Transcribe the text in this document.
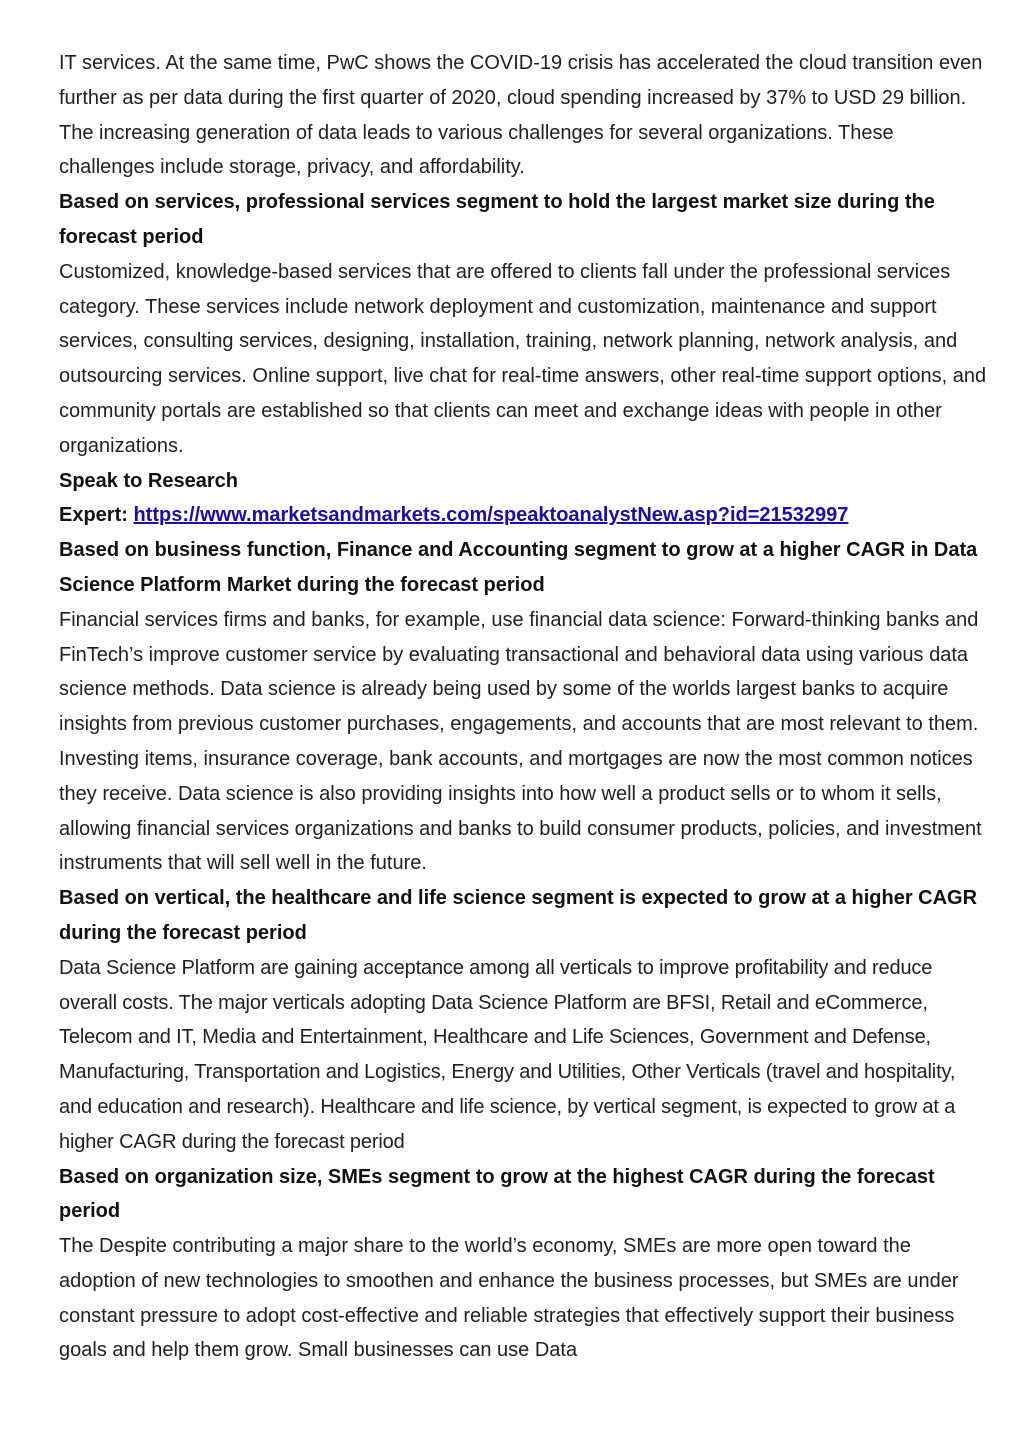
IT services. At the same time, PwC shows the COVID-19 crisis has accelerated the cloud transition even further as per data during the first quarter of 2020, cloud spending increased by 37% to USD 29 billion. The increasing generation of data leads to various challenges for several organizations. These challenges include storage, privacy, and affordability.

Based on services, professional services segment to hold the largest market size during the forecast period

Customized, knowledge-based services that are offered to clients fall under the professional services category. These services include network deployment and customization, maintenance and support services, consulting services, designing, installation, training, network planning, network analysis, and outsourcing services. Online support, live chat for real-time answers, other real-time support options, and community portals are established so that clients can meet and exchange ideas with people in other organizations.

Speak to Research

Expert: https://www.marketsandmarkets.com/speaktoanalystNew.asp?id=21532997

Based on business function, Finance and Accounting segment to grow at a higher CAGR in Data Science Platform Market during the forecast period

Financial services firms and banks, for example, use financial data science: Forward-thinking banks and FinTech’s improve customer service by evaluating transactional and behavioral data using various data science methods. Data science is already being used by some of the worlds largest banks to acquire insights from previous customer purchases, engagements, and accounts that are most relevant to them. Investing items, insurance coverage, bank accounts, and mortgages are now the most common notices they receive. Data science is also providing insights into how well a product sells or to whom it sells, allowing financial services organizations and banks to build consumer products, policies, and investment instruments that will sell well in the future.

Based on vertical, the healthcare and life science segment is expected to grow at a higher CAGR during the forecast period

Data Science Platform are gaining acceptance among all verticals to improve profitability and reduce overall costs. The major verticals adopting Data Science Platform are BFSI, Retail and eCommerce, Telecom and IT, Media and Entertainment, Healthcare and Life Sciences, Government and Defense, Manufacturing, Transportation and Logistics, Energy and Utilities, Other Verticals (travel and hospitality, and education and research). Healthcare and life science, by vertical segment, is expected to grow at a higher CAGR during the forecast period

Based on organization size, SMEs segment to grow at the highest CAGR during the forecast period

The Despite contributing a major share to the world’s economy, SMEs are more open toward the adoption of new technologies to smoothen and enhance the business processes, but SMEs are under constant pressure to adopt cost-effective and reliable strategies that effectively support their business goals and help them grow. Small businesses can use Data
